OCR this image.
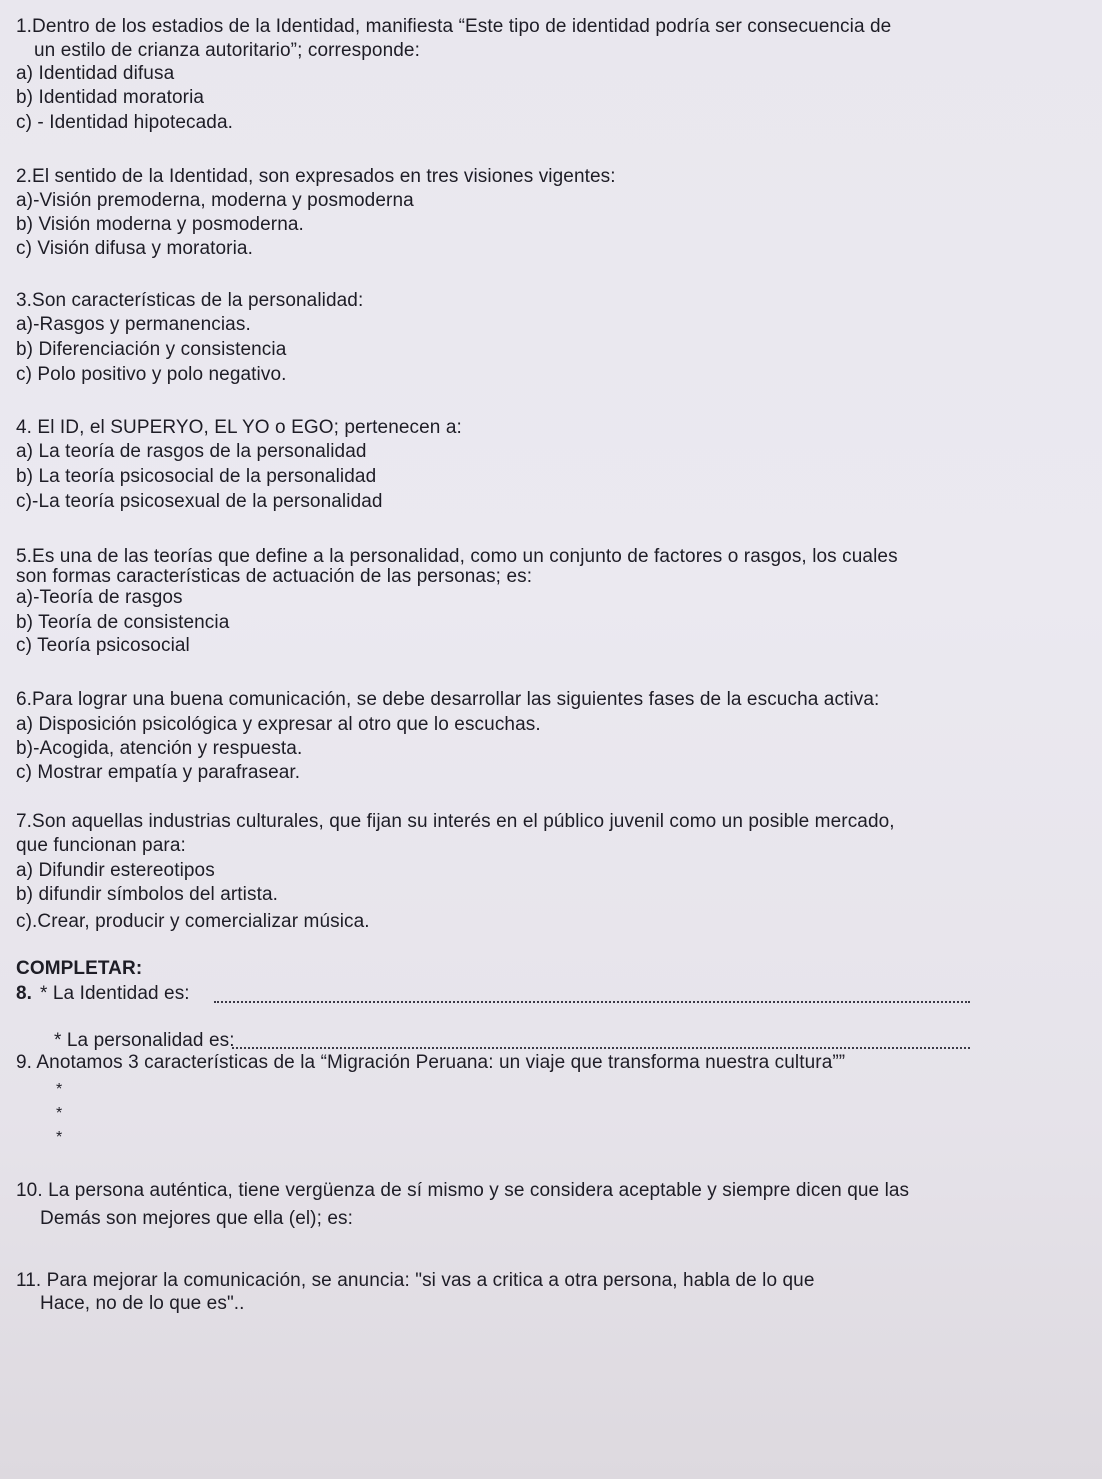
1.Dentro de los estadios de la Identidad, manifiesta “Este tipo de identidad podría ser consecuencia de
un estilo de crianza autoritario”; corresponde:
a) Identidad difusa
b) Identidad moratoria
c) - Identidad hipotecada.
2.El sentido de la Identidad, son expresados en tres visiones vigentes:
a)-Visión premoderna, moderna y posmoderna
b) Visión moderna y posmoderna.
c) Visión difusa y moratoria.
3.Son características de la personalidad:
a)-Rasgos y permanencias.
b) Diferenciación y consistencia
c) Polo positivo y polo negativo.
4. El ID, el SUPERYO, EL YO o EGO; pertenecen a:
a) La teoría de rasgos de la personalidad
b) La teoría psicosocial de la personalidad
c)-La teoría psicosexual de la personalidad
5.Es una de las teorías que define a la personalidad, como un conjunto de factores o rasgos, los cuales
son formas características de actuación de las personas; es:
a)-Teoría de rasgos
b) Teoría de consistencia
c) Teoría psicosocial
6.Para lograr una buena comunicación, se debe desarrollar las siguientes fases de la escucha activa:
a) Disposición psicológica y expresar al otro que lo escuchas.
b)-Acogida, atención y respuesta.
c) Mostrar empatía y parafrasear.
7.Son aquellas industrias culturales, que fijan su interés en el público juvenil como un posible mercado,
que funcionan para:
a) Difundir estereotipos
b) difundir símbolos del artista.
c).Crear, producir y comercializar música.
COMPLETAR:
8. * La Identidad es:
* La personalidad es:
9. Anotamos 3 características de la “Migración Peruana: un viaje que transforma nuestra cultura””
*
*
*
10. La persona auténtica, tiene vergüenza de sí mismo y se considera aceptable y siempre dicen que las
Demás son mejores que ella (el); es:
11. Para mejorar la comunicación, se anuncia: "si vas a critica a otra persona, habla de lo que
Hace, no de lo que es"..
